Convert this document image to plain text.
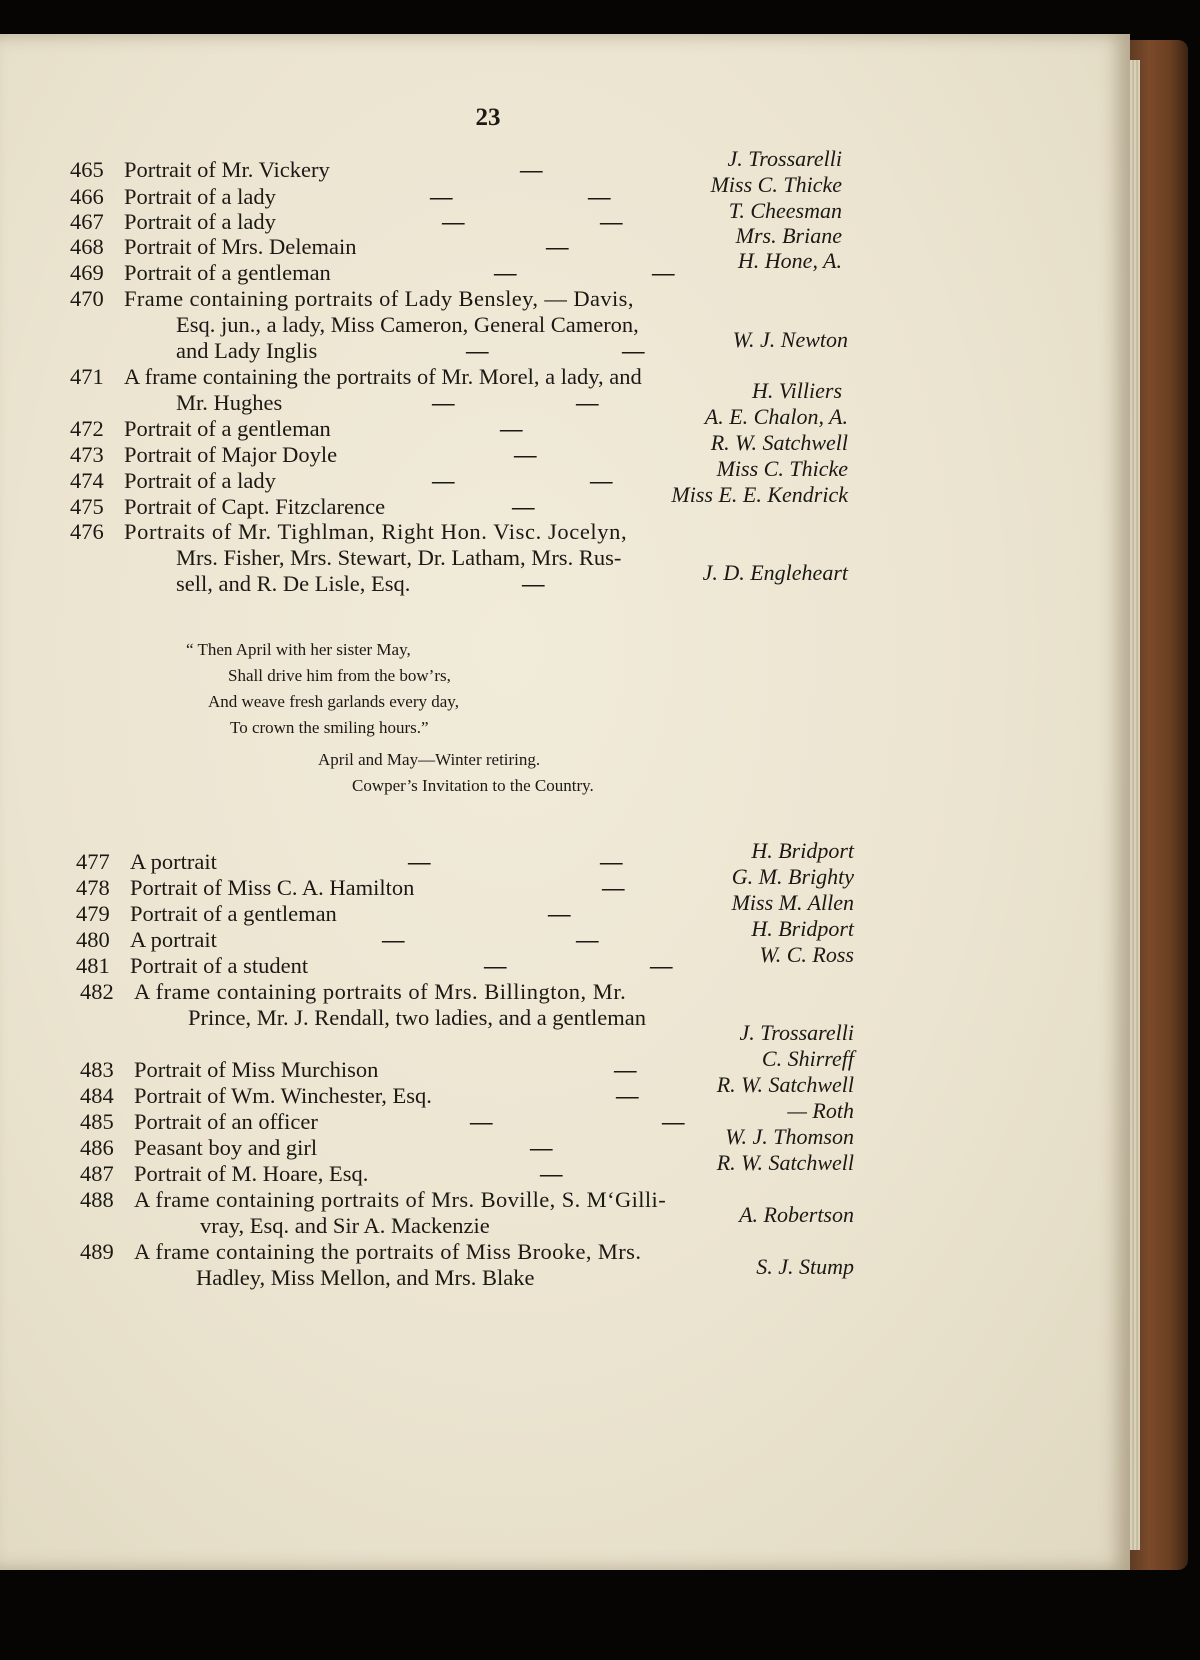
23
465 Portrait of Mr. Vickery	—	J. Trossarelli
466 Portrait of a lady	—	—	Miss C. Thicke
467 Portrait of a lady	—	—	T. Cheesman
468 Portrait of Mrs. Delemain	—	Mrs. Briane
469 Portrait of a gentleman	—	—	H. Hone, A.
470 Frame containing portraits of Lady Bensley, — Davis,
Esq. jun., a lady, Miss Cameron, General Cameron,
and Lady Inglis	—	—	W. J. Newton
471 A frame containing the portraits of Mr. Morel, a lady, and
Mr. Hughes	—	—	H. Villiers
472 Portrait of a gentleman	—	A. E. Chalon, A.
473 Portrait of Major Doyle	—	R. W. Satchwell
474 Portrait of a lady	—	—	Miss C. Thicke
475 Portrait of Capt. Fitzclarence	—	Miss E. E. Kendrick
476 Portraits of Mr. Tighlman, Right Hon. Visc. Jocelyn,
Mrs. Fisher, Mrs. Stewart, Dr. Latham, Mrs. Rus-
sell, and R. De Lisle, Esq.	—	J. D. Engleheart
“ Then April with her sister May,
Shall drive him from the bow’rs,
And weave fresh garlands every day,
To crown the smiling hours.”
April and May—Winter retiring.
Cowper’s Invitation to the Country.
477 A portrait	—	—	H. Bridport
478 Portrait of Miss C. A. Hamilton	—	G. M. Brighty
479 Portrait of a gentleman	—	Miss M. Allen
480 A portrait	—	—	H. Bridport
481 Portrait of a student	—	—	W. C. Ross
482 A frame containing portraits of Mrs. Billington, Mr.
Prince, Mr. J. Rendall, two ladies, and a gentleman
J. Trossarelli
483 Portrait of Miss Murchison	—	C. Shirreff
484 Portrait of Wm. Winchester, Esq.	—	R. W. Satchwell
485 Portrait of an officer	—	—	— Roth
486 Peasant boy and girl	—	W. J. Thomson
487 Portrait of M. Hoare, Esq.	—	R. W. Satchwell
488 A frame containing portraits of Mrs. Boville, S. M‘Gilli-
vray, Esq. and Sir A. Mackenzie	A. Robertson
489 A frame containing the portraits of Miss Brooke, Mrs.
Hadley, Miss Mellon, and Mrs. Blake	S. J. Stump
